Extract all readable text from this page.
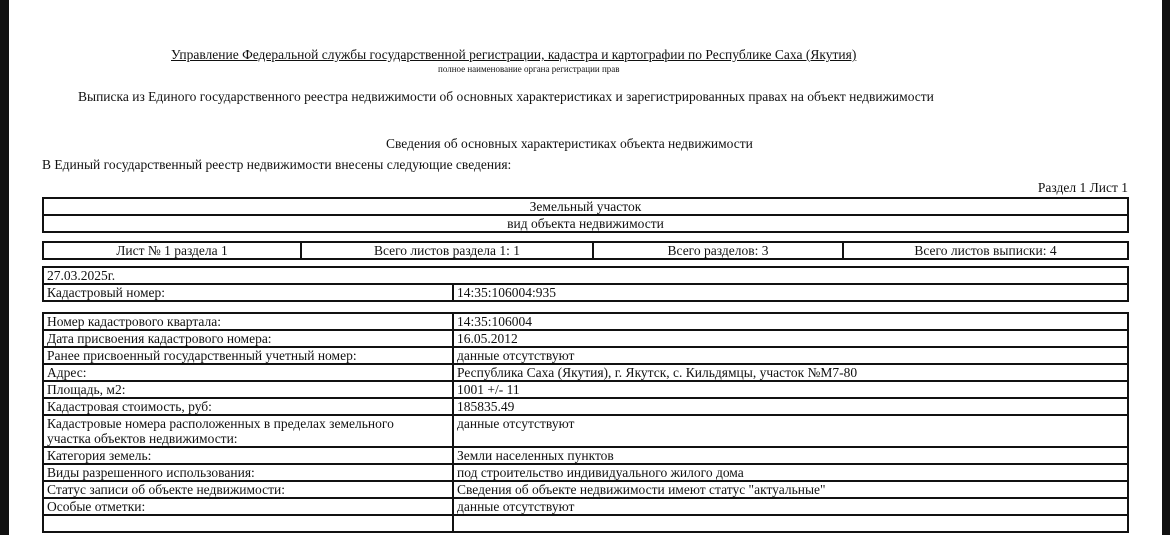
Управление Федеральной службы государственной регистрации, кадастра и картографии по Республике Саха (Якутия)
полное наименование органа регистрации прав
Выписка из Единого государственного реестра недвижимости об основных характеристиках и зарегистрированных правах на объект недвижимости
Сведения об основных характеристиках объекта недвижимости
В Единый государственный реестр недвижимости внесены следующие сведения:
Раздел 1 Лист 1
Земельный участок
вид объекта недвижимости
Лист № 1 раздела 1	Всего листов раздела 1: 1	Всего разделов: 3	Всего листов выписки: 4
27.03.2025г.
Кадастровый номер:	14:35:106004:935
Номер кадастрового квартала:	14:35:106004
Дата присвоения кадастрового номера:	16.05.2012
Ранее присвоенный государственный учетный номер:	данные отсутствуют
Адрес:	Республика Саха (Якутия), г. Якутск, с. Кильдямцы, участок №М7-80
Площадь, м2:	1001 +/- 11
Кадастровая стоимость, руб:	185835.49
Кадастровые номера расположенных в пределах земельного участка объектов недвижимости:	данные отсутствуют
Категория земель:	Земли населенных пунктов
Виды разрешенного использования:	под строительство индивидуального жилого дома
Статус записи об объекте недвижимости:	Сведения об объекте недвижимости имеют статус "актуальные"
Особые отметки:	данные отсутствуют
